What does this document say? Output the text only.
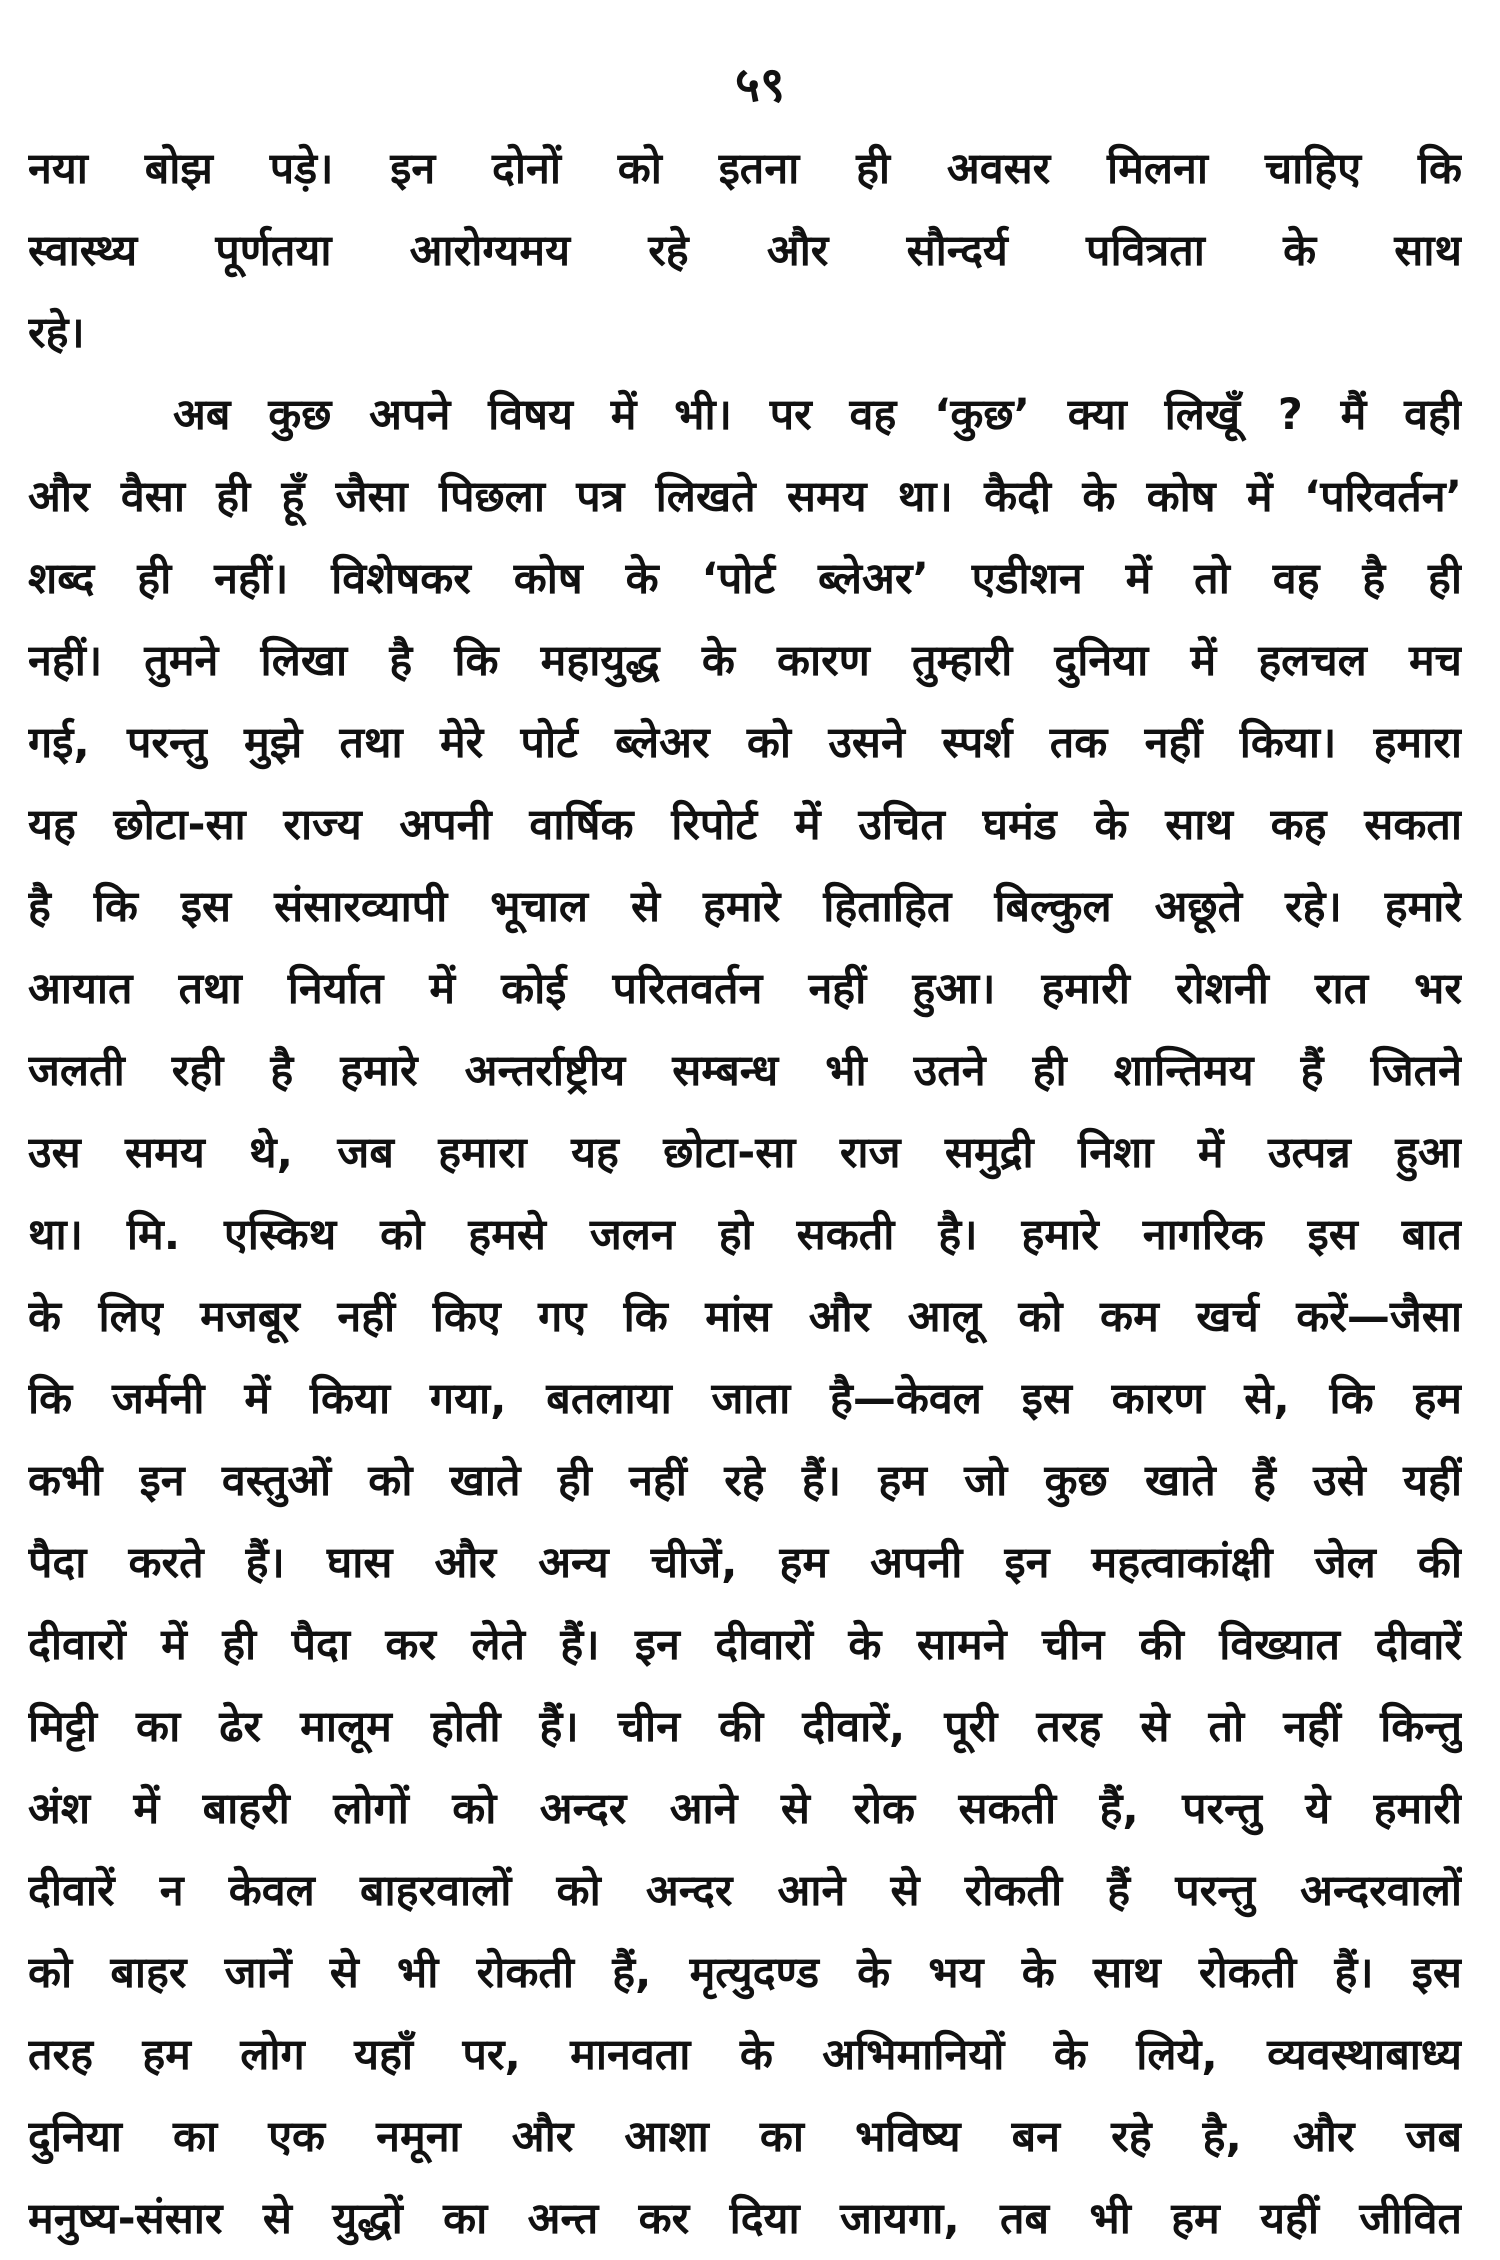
५९
नया बोझ पड़े। इन दोनों को इतना ही अवसर मिलना चाहिए कि
स्वास्थ्य पूर्णतया आरोग्यमय रहे और सौन्दर्य पवित्रता के साथ
रहे।
अब कुछ अपने विषय में भी। पर वह ‘कुछ’ क्या लिखूँ ? मैं वही
और वैसा ही हूँ जैसा पिछला पत्र लिखते समय था। कैदी के कोष में ‘परिवर्तन’
शब्द ही नहीं। विशेषकर कोष के ‘पोर्ट ब्लेअर’ एडीशन में तो वह है ही
नहीं। तुमने लिखा है कि महायुद्ध के कारण तुम्हारी दुनिया में हलचल मच
गई, परन्तु मुझे तथा मेरे पोर्ट ब्लेअर को उसने स्पर्श तक नहीं किया। हमारा
यह छोटा-सा राज्य अपनी वार्षिक रिपोर्ट में उचित घमंड के साथ कह सकता
है कि इस संसारव्यापी भूचाल से हमारे हिताहित बिल्कुल अछूते रहे। हमारे
आयात तथा निर्यात में कोई परितवर्तन नहीं हुआ। हमारी रोशनी रात भर
जलती रही है हमारे अन्तर्राष्ट्रीय सम्बन्ध भी उतने ही शान्तिमय हैं जितने
उस समय थे, जब हमारा यह छोटा-सा राज समुद्री निशा में उत्पन्न हुआ
था। मि. एस्किथ को हमसे जलन हो सकती है। हमारे नागरिक इस बात
के लिए मजबूर नहीं किए गए कि मांस और आलू को कम खर्च करें—जैसा
कि जर्मनी में किया गया, बतलाया जाता है—केवल इस कारण से, कि हम
कभी इन वस्तुओं को खाते ही नहीं रहे हैं। हम जो कुछ खाते हैं उसे यहीं
पैदा करते हैं। घास और अन्य चीजें, हम अपनी इन महत्वाकांक्षी जेल की
दीवारों में ही पैदा कर लेते हैं। इन दीवारों के सामने चीन की विख्यात दीवारें
मिट्टी का ढेर मालूम होती हैं। चीन की दीवारें, पूरी तरह से तो नहीं किन्तु
अंश में बाहरी लोगों को अन्दर आने से रोक सकती हैं, परन्तु ये हमारी
दीवारें न केवल बाहरवालों को अन्दर आने से रोकती हैं परन्तु अन्दरवालों
को बाहर जानें से भी रोकती हैं, मृत्युदण्ड के भय के साथ रोकती हैं। इस
तरह हम लोग यहाँ पर, मानवता के अभिमानियों के लिये, व्यवस्थाबाध्य
दुनिया का एक नमूना और आशा का भविष्य बन रहे है, और जब
मनुष्य-संसार से युद्धों का अन्त कर दिया जायगा, तब भी हम यहीं जीवित
